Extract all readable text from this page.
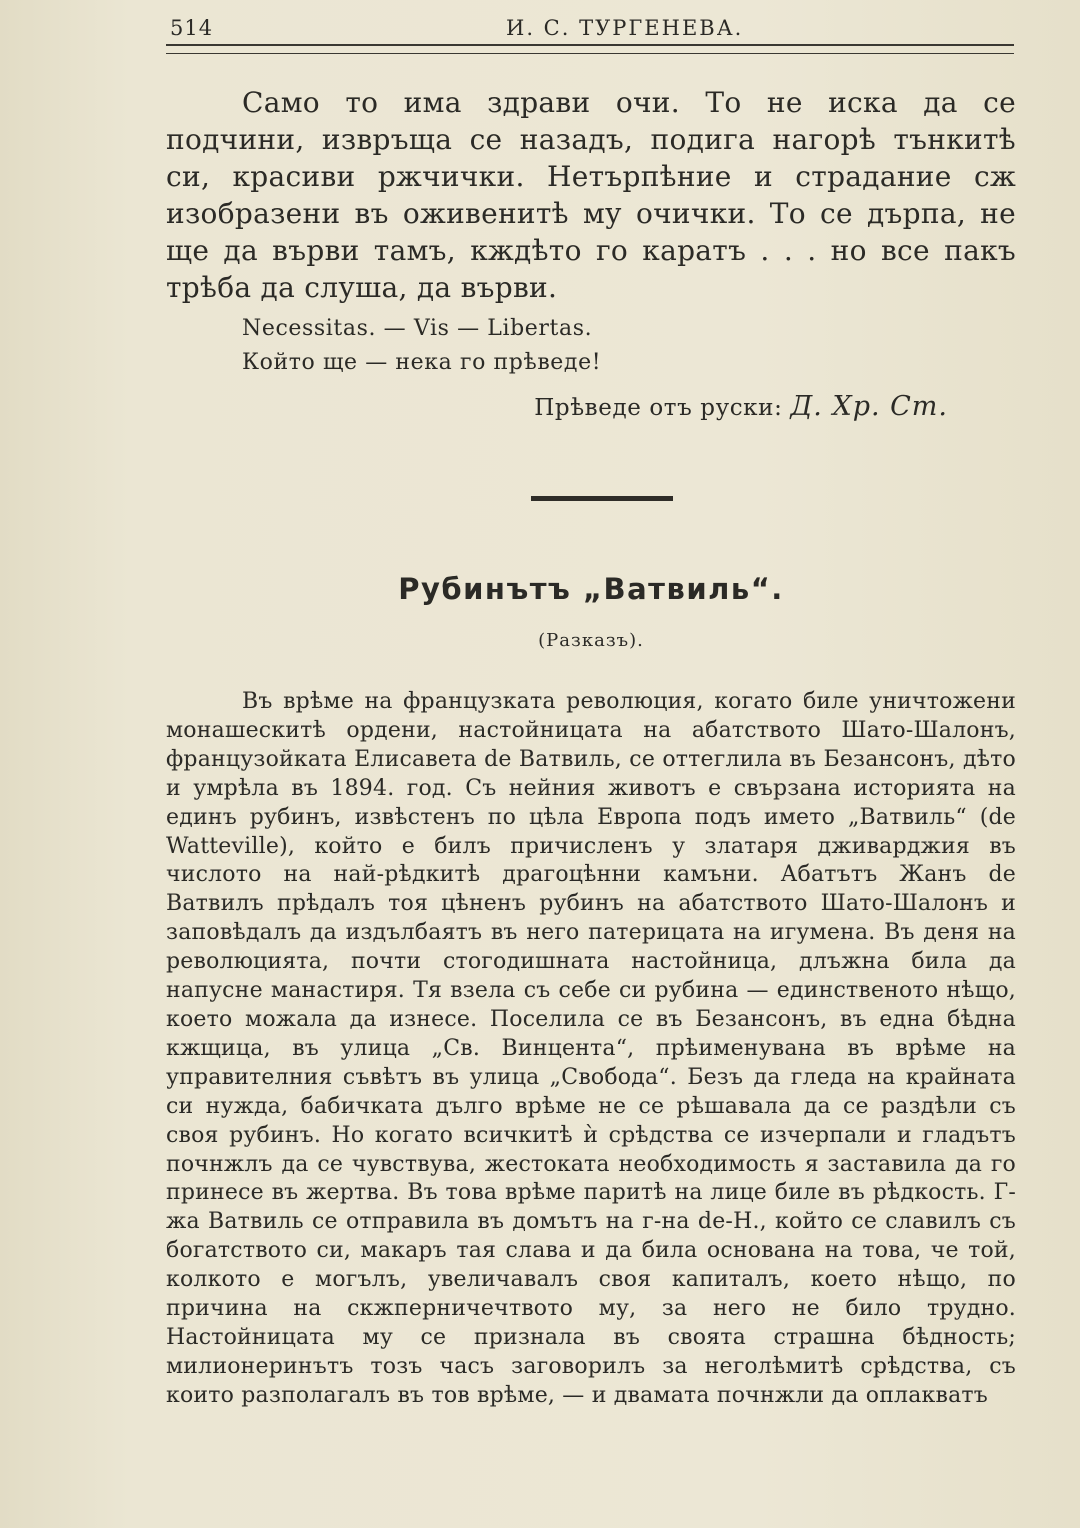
514	И. С. ТУРГЕНЕВА.

Само то има здрави очи. То не иска да се подчини, извръща се назадъ, подига нагорѣ тънкитѣ си, красиви ржчички. Нетърпѣние и страдание сж изобразени въ оживенитѣ му очички. То се дърпа, не ще да върви тамъ, кждѣто го каратъ . . . но все пакъ трѣба да слуша, да върви.

Necessitas. — Vis — Libertas.

Който ще — нека го прѣведе!

Прѣведе отъ руски: Д. Хр. Ст.

Рубинътъ „Ватвиль“.
(Разказъ).

Въ врѣме на французката революция, когато биле уничтожени монашескитѣ ордени, настойницата на абатството Шато-Шалонъ, французойката Елисавета de Ватвиль, се оттеглила въ Безансонъ, дѣто и умрѣла въ 1894. год. Съ нейния животъ е свързана историята на единъ рубинъ, извѣстенъ по цѣла Европа подъ името „Ватвиль“ (de Watteville), който е билъ причисленъ у златаря дживарджия въ числото на най-рѣдкитѣ драгоцѣнни камъни. Абатътъ Жанъ de Ватвилъ прѣдалъ тоя цѣненъ рубинъ на абатството Шато-Шалонъ и заповѣдалъ да издълбаятъ въ него патерицата на игумена. Въ деня на революцията, почти стогодишната настойница, длъжна била да напусне манастиря. Тя взела съ себе си рубина — единственото нѣщо, което можала да изнесе. Поселила се въ Безансонъ, въ една бѣдна кжщица, въ улица „Св. Винцента“, прѣименувана въ врѣме на управителния съвѣтъ въ улица „Свобода“. Безъ да гледа на крайната си нужда, бабичката дълго врѣме не се рѣшавала да се раздѣли съ своя рубинъ. Но когато всичкитѣ ѝ срѣдства се изчерпали и гладътъ почнжлъ да се чувствува, жестоката необходимость я заставила да го принесе въ жертва. Въ това врѣме паритѣ на лице биле въ рѣдкость. Г-жа Ватвиль се отправила въ домътъ на г-на de-Н., който се славилъ съ богатството си, макаръ тая слава и да била основана на това, че той, колкото е могълъ, увеличавалъ своя капиталъ, което нѣщо, по причина на скжперничечтвото му, за него не било трудно. Настойницата му се признала въ своята страшна бѣдность; милионеринътъ тозъ часъ заговорилъ за неголѣмитѣ срѣдства, съ които разполагалъ въ тов врѣме, — и двамата почнжли да оплакватъ
